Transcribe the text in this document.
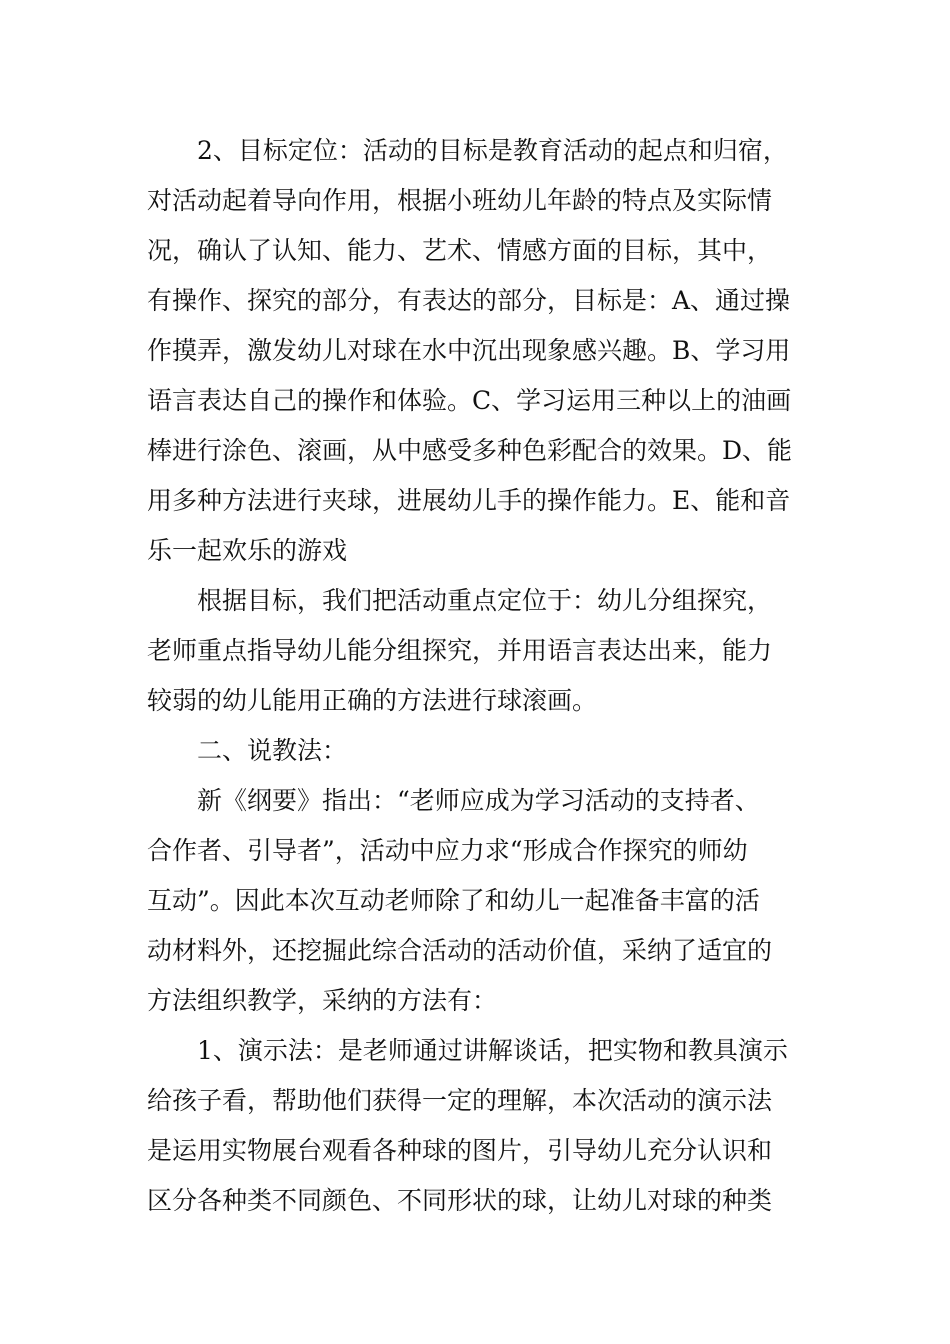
2、目标定位：活动的目标是教育活动的起点和归宿，
对活动起着导向作用，根据小班幼儿年龄的特点及实际情
况，确认了认知、能力、艺术、情感方面的目标，其中，
有操作、探究的部分，有表达的部分，目标是：A、通过操
作摸弄，激发幼儿对球在水中沉出现象感兴趣。B、学习用
语言表达自己的操作和体验。C、学习运用三种以上的油画
棒进行涂色、滚画，从中感受多种色彩配合的效果。D、能
用多种方法进行夹球，进展幼儿手的操作能力。E、能和音
乐一起欢乐的游戏
根据目标，我们把活动重点定位于：幼儿分组探究，
老师重点指导幼儿能分组探究，并用语言表达出来，能力
较弱的幼儿能用正确的方法进行球滚画。
二、说教法：
新《纲要》指出：“老师应成为学习活动的支持者、
合作者、引导者”，活动中应力求“形成合作探究的师幼
互动”。因此本次互动老师除了和幼儿一起准备丰富的活
动材料外，还挖掘此综合活动的活动价值，采纳了适宜的
方法组织教学，采纳的方法有：
1、演示法：是老师通过讲解谈话，把实物和教具演示
给孩子看，帮助他们获得一定的理解，本次活动的演示法
是运用实物展台观看各种球的图片，引导幼儿充分认识和
区分各种类不同颜色、不同形状的球，让幼儿对球的种类
